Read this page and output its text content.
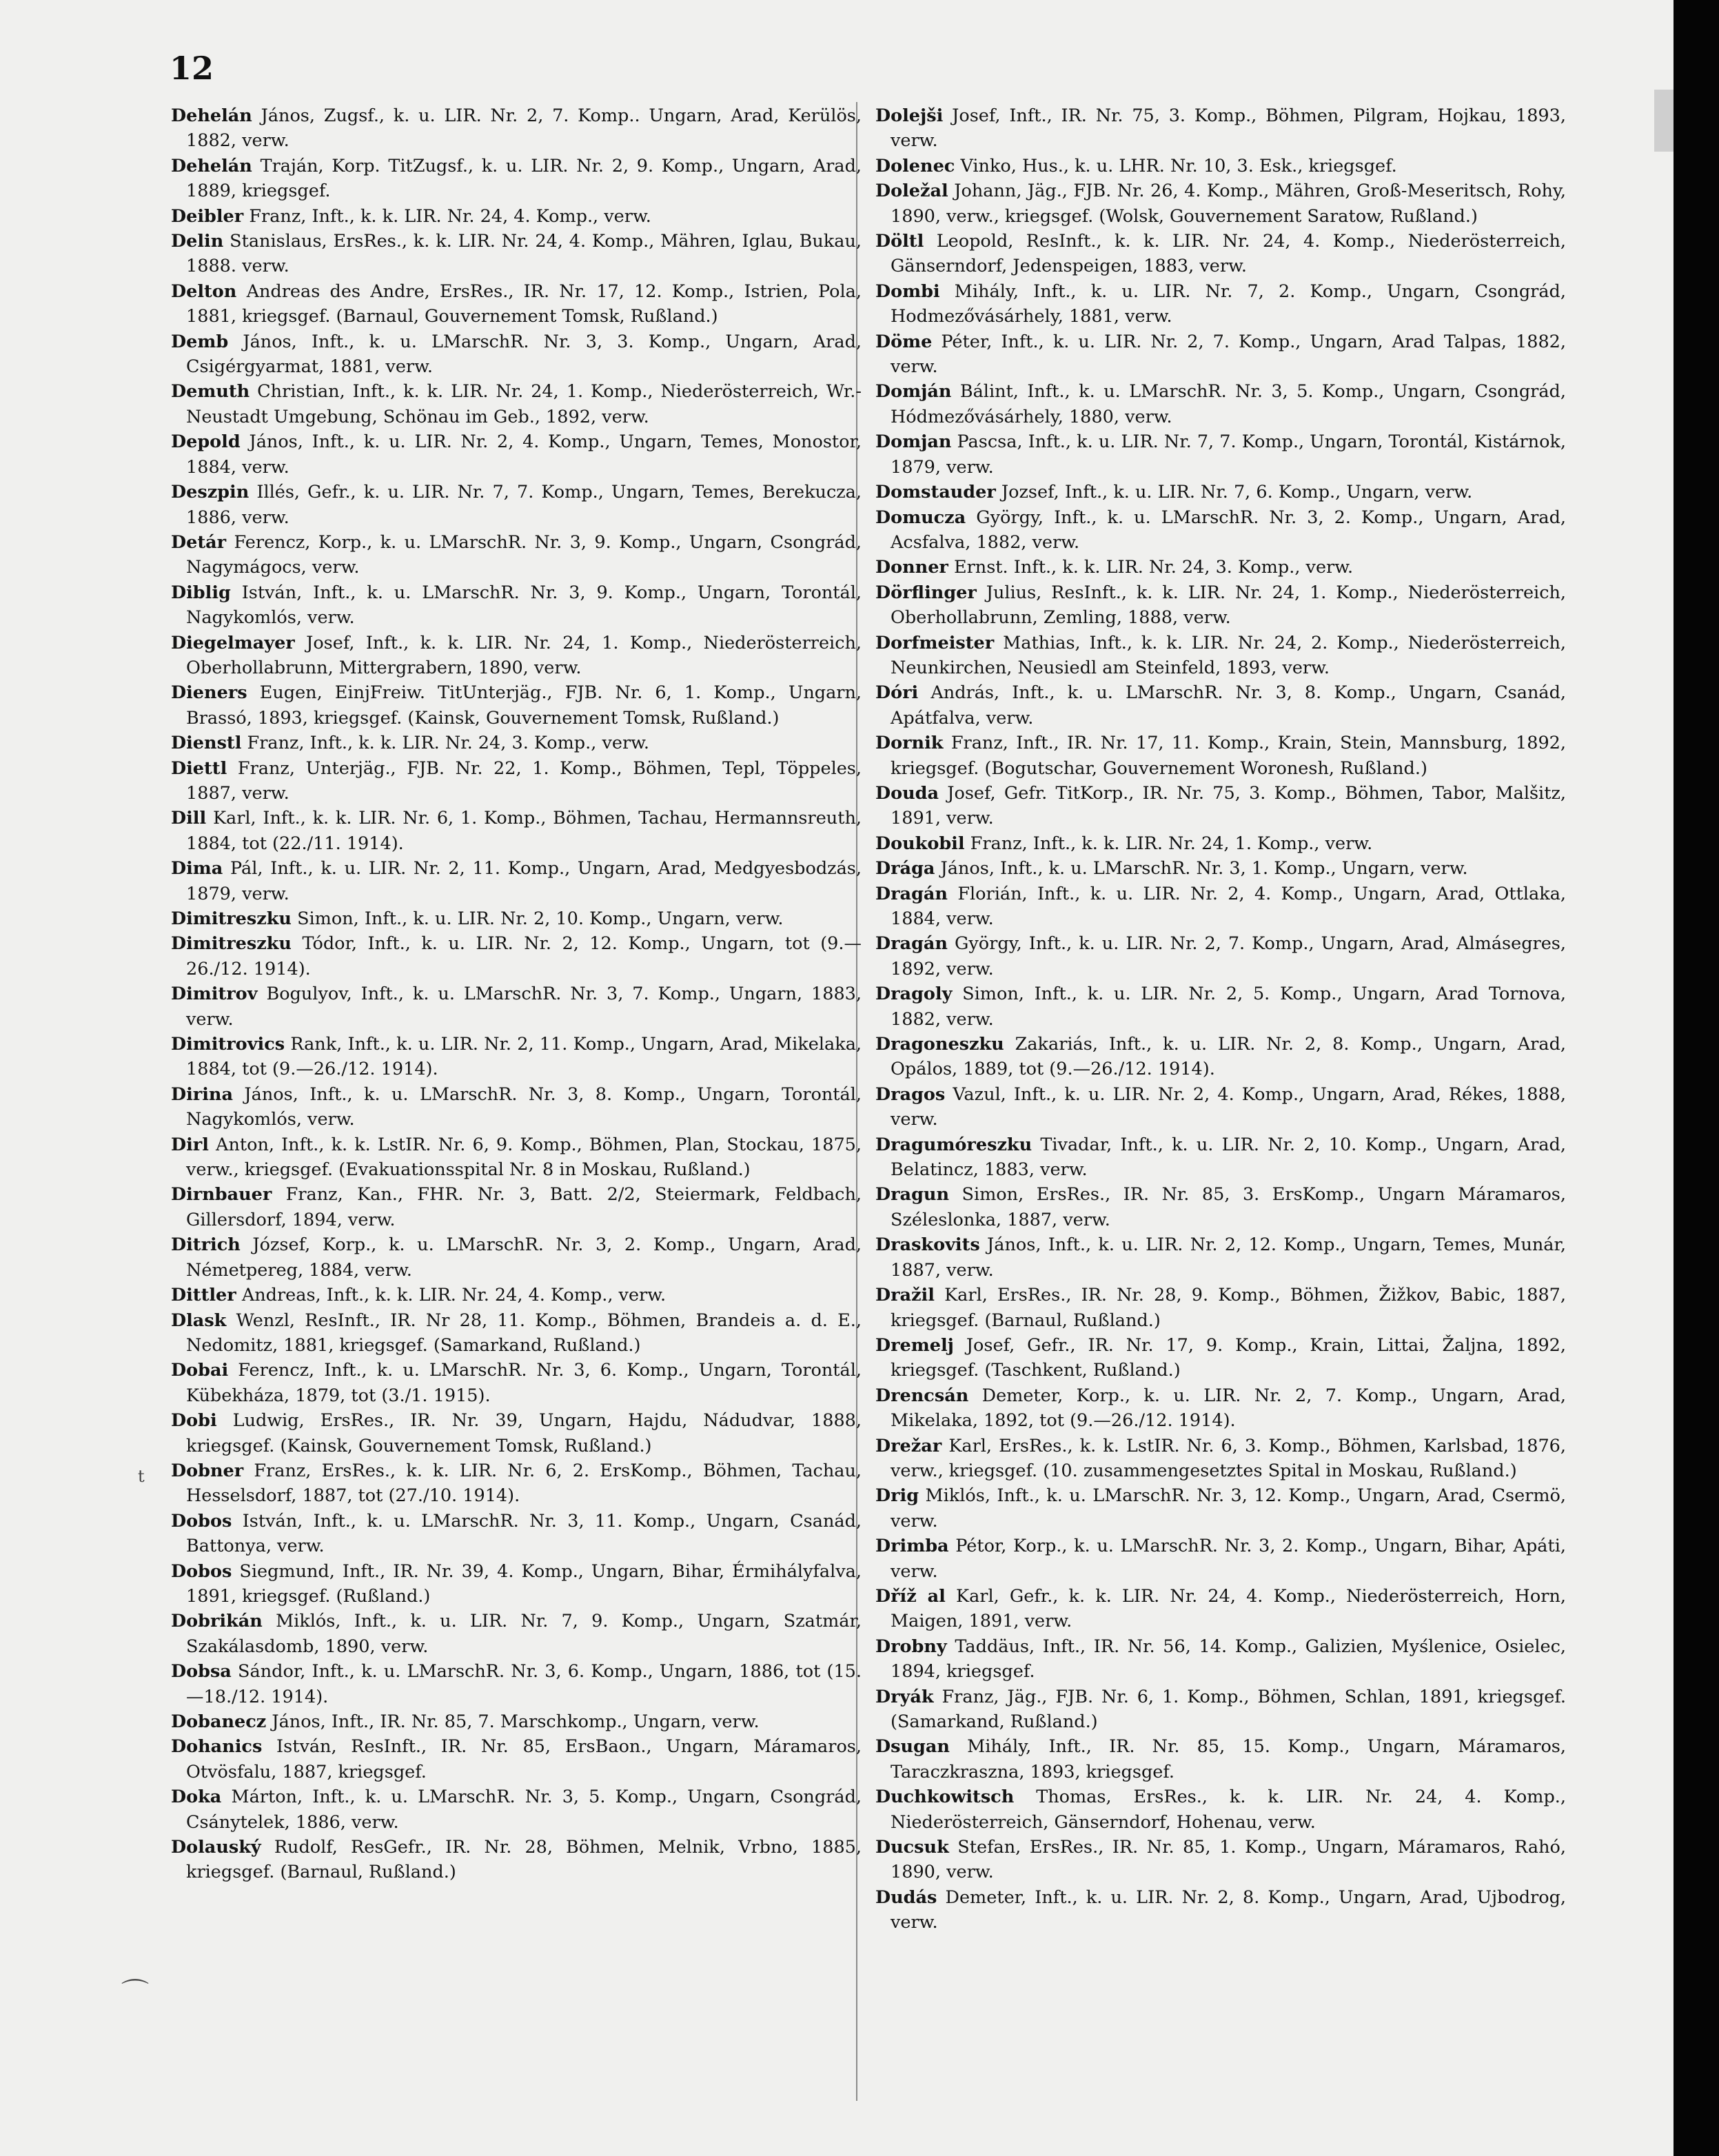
12

Dehelán János, Zugsf., k. u. LIR. Nr. 2, 7. Komp.. Ungarn, Arad, Kerülös, 1882, verw.

Dehelán Traján, Korp. TitZugsf., k. u. LIR. Nr. 2, 9. Komp., Ungarn, Arad, 1889, kriegsgef.

Deibler Franz, Inft., k. k. LIR. Nr. 24, 4. Komp., verw.

Delin Stanislaus, ErsRes., k. k. LIR. Nr. 24, 4. Komp., Mähren, Iglau, Bukau, 1888. verw.

Delton Andreas des Andre, ErsRes., IR. Nr. 17, 12. Komp., Istrien, Pola, 1881, kriegsgef. (Barnaul, Gouvernement Tomsk, Rußland.)

Demb János, Inft., k. u. LMarschR. Nr. 3, 3. Komp., Ungarn, Arad, Csigérgyarmat, 1881, verw.

Demuth Christian, Inft., k. k. LIR. Nr. 24, 1. Komp., Niederösterreich, Wr.-Neustadt Umgebung, Schönau im Geb., 1892, verw.

Depold János, Inft., k. u. LIR. Nr. 2, 4. Komp., Ungarn, Temes, Monostor, 1884, verw.

Deszpin Illés, Gefr., k. u. LIR. Nr. 7, 7. Komp., Ungarn, Temes, Berekucza, 1886, verw.

Detár Ferencz, Korp., k. u. LMarschR. Nr. 3, 9. Komp., Ungarn, Csongrád, Nagymágocs, verw.

Diblig István, Inft., k. u. LMarschR. Nr. 3, 9. Komp., Ungarn, Torontál, Nagykomlós, verw.

Diegelmayer Josef, Inft., k. k. LIR. Nr. 24, 1. Komp., Niederösterreich, Oberhollabrunn, Mittergrabern, 1890, verw.

Dieners Eugen, EinjFreiw. TitUnterjäg., FJB. Nr. 6, 1. Komp., Ungarn, Brassó, 1893, kriegsgef. (Kainsk, Gouvernement Tomsk, Rußland.)

Dienstl Franz, Inft., k. k. LIR. Nr. 24, 3. Komp., verw.

Diettl Franz, Unterjäg., FJB. Nr. 22, 1. Komp., Böhmen, Tepl, Töppeles, 1887, verw.

Dill Karl, Inft., k. k. LIR. Nr. 6, 1. Komp., Böhmen, Tachau, Hermannsreuth, 1884, tot (22./11. 1914).

Dima Pál, Inft., k. u. LIR. Nr. 2, 11. Komp., Ungarn, Arad, Medgyesbodzás, 1879, verw.

Dimitreszku Simon, Inft., k. u. LIR. Nr. 2, 10. Komp., Ungarn, verw.

Dimitreszku Tódor, Inft., k. u. LIR. Nr. 2, 12. Komp., Ungarn, tot (9.—26./12. 1914).

Dimitrov Bogulyov, Inft., k. u. LMarschR. Nr. 3, 7. Komp., Ungarn, 1883, verw.

Dimitrovics Rank, Inft., k. u. LIR. Nr. 2, 11. Komp., Ungarn, Arad, Mikelaka, 1884, tot (9.—26./12. 1914).

Dirina János, Inft., k. u. LMarschR. Nr. 3, 8. Komp., Ungarn, Torontál, Nagykomlós, verw.

Dirl Anton, Inft., k. k. LstIR. Nr. 6, 9. Komp., Böhmen, Plan, Stockau, 1875, verw., kriegsgef. (Evakuationsspital Nr. 8 in Moskau, Rußland.)

Dirnbauer Franz, Kan., FHR. Nr. 3, Batt. 2/2, Steiermark, Feldbach, Gillersdorf, 1894, verw.

Ditrich József, Korp., k. u. LMarschR. Nr. 3, 2. Komp., Ungarn, Arad, Németpereg, 1884, verw.

Dittler Andreas, Inft., k. k. LIR. Nr. 24, 4. Komp., verw.

Dlask Wenzl, ResInft., IR. Nr 28, 11. Komp., Böhmen, Brandeis a. d. E., Nedomitz, 1881, kriegsgef. (Samarkand, Rußland.)

Dobai Ferencz, Inft., k. u. LMarschR. Nr. 3, 6. Komp., Ungarn, Torontál, Kübekháza, 1879, tot (3./1. 1915).

Dobi Ludwig, ErsRes., IR. Nr. 39, Ungarn, Hajdu, Nádudvar, 1888, kriegsgef. (Kainsk, Gouvernement Tomsk, Rußland.)

Dobner Franz, ErsRes., k. k. LIR. Nr. 6, 2. ErsKomp., Böhmen, Tachau, Hesselsdorf, 1887, tot (27./10. 1914).

Dobos István, Inft., k. u. LMarschR. Nr. 3, 11. Komp., Ungarn, Csanád, Battonya, verw.

Dobos Siegmund, Inft., IR. Nr. 39, 4. Komp., Ungarn, Bihar, Érmihályfalva, 1891, kriegsgef. (Rußland.)

Dobrikán Miklós, Inft., k. u. LIR. Nr. 7, 9. Komp., Ungarn, Szatmár, Szakálasdomb, 1890, verw.

Dobsa Sándor, Inft., k. u. LMarschR. Nr. 3, 6. Komp., Ungarn, 1886, tot (15.—18./12. 1914).

Dobanecz János, Inft., IR. Nr. 85, 7. Marschkomp., Ungarn, verw.

Dohanics István, ResInft., IR. Nr. 85, ErsBaon., Ungarn, Máramaros, Otvösfalu, 1887, kriegsgef.

Doka Márton, Inft., k. u. LMarschR. Nr. 3, 5. Komp., Ungarn, Csongrád, Csánytelek, 1886, verw.

Dolauský Rudolf, ResGefr., IR. Nr. 28, Böhmen, Melnik, Vrbno, 1885, kriegsgef. (Barnaul, Rußland.)

Dolejši Josef, Inft., IR. Nr. 75, 3. Komp., Böhmen, Pilgram, Hojkau, 1893, verw.

Dolenec Vinko, Hus., k. u. LHR. Nr. 10, 3. Esk., kriegsgef.

Doležal Johann, Jäg., FJB. Nr. 26, 4. Komp., Mähren, Groß-Meseritsch, Rohy, 1890, verw., kriegsgef. (Wolsk, Gouvernement Saratow, Rußland.)

Döltl Leopold, ResInft., k. k. LIR. Nr. 24, 4. Komp., Niederösterreich, Gänserndorf, Jedenspeigen, 1883, verw.

Dombi Mihály, Inft., k. u. LIR. Nr. 7, 2. Komp., Ungarn, Csongrád, Hodmezővásárhely, 1881, verw.

Döme Péter, Inft., k. u. LIR. Nr. 2, 7. Komp., Ungarn, Arad Talpas, 1882, verw.

Domján Bálint, Inft., k. u. LMarschR. Nr. 3, 5. Komp., Ungarn, Csongrád, Hódmezővásárhely, 1880, verw.

Domjan Pascsa, Inft., k. u. LIR. Nr. 7, 7. Komp., Ungarn, Torontál, Kistárnok, 1879, verw.

Domstauder Jozsef, Inft., k. u. LIR. Nr. 7, 6. Komp., Ungarn, verw.

Domucza György, Inft., k. u. LMarschR. Nr. 3, 2. Komp., Ungarn, Arad, Acsfalva, 1882, verw.

Donner Ernst. Inft., k. k. LIR. Nr. 24, 3. Komp., verw.

Dörflinger Julius, ResInft., k. k. LIR. Nr. 24, 1. Komp., Niederösterreich, Oberhollabrunn, Zemling, 1888, verw.

Dorfmeister Mathias, Inft., k. k. LIR. Nr. 24, 2. Komp., Niederösterreich, Neunkirchen, Neusiedl am Steinfeld, 1893, verw.

Dóri András, Inft., k. u. LMarschR. Nr. 3, 8. Komp., Ungarn, Csanád, Apátfalva, verw.

Dornik Franz, Inft., IR. Nr. 17, 11. Komp., Krain, Stein, Mannsburg, 1892, kriegsgef. (Bogutschar, Gouvernement Woronesh, Rußland.)

Douda Josef, Gefr. TitKorp., IR. Nr. 75, 3. Komp., Böhmen, Tabor, Malšitz, 1891, verw.

Doukobil Franz, Inft., k. k. LIR. Nr. 24, 1. Komp., verw.

Drága János, Inft., k. u. LMarschR. Nr. 3, 1. Komp., Ungarn, verw.

Dragán Florián, Inft., k. u. LIR. Nr. 2, 4. Komp., Ungarn, Arad, Ottlaka, 1884, verw.

Dragán György, Inft., k. u. LIR. Nr. 2, 7. Komp., Ungarn, Arad, Almásegres, 1892, verw.

Dragoly Simon, Inft., k. u. LIR. Nr. 2, 5. Komp., Ungarn, Arad Tornova, 1882, verw.

Dragoneszku Zakariás, Inft., k. u. LIR. Nr. 2, 8. Komp., Ungarn, Arad, Opálos, 1889, tot (9.—26./12. 1914).

Dragos Vazul, Inft., k. u. LIR. Nr. 2, 4. Komp., Ungarn, Arad, Rékes, 1888, verw.

Dragumóreszku Tivadar, Inft., k. u. LIR. Nr. 2, 10. Komp., Ungarn, Arad, Belatincz, 1883, verw.

Dragun Simon, ErsRes., IR. Nr. 85, 3. ErsKomp., Ungarn Máramaros, Széleslonka, 1887, verw.

Draskovits János, Inft., k. u. LIR. Nr. 2, 12. Komp., Ungarn, Temes, Munár, 1887, verw.

Dražil Karl, ErsRes., IR. Nr. 28, 9. Komp., Böhmen, Žižkov, Babic, 1887, kriegsgef. (Barnaul, Rußland.)

Dremelj Josef, Gefr., IR. Nr. 17, 9. Komp., Krain, Littai, Žaljna, 1892, kriegsgef. (Taschkent, Rußland.)

Drencsán Demeter, Korp., k. u. LIR. Nr. 2, 7. Komp., Ungarn, Arad, Mikelaka, 1892, tot (9.—26./12. 1914).

Drežar Karl, ErsRes., k. k. LstIR. Nr. 6, 3. Komp., Böhmen, Karlsbad, 1876, verw., kriegsgef. (10. zusammengesetztes Spital in Moskau, Rußland.)

Drig Miklós, Inft., k. u. LMarschR. Nr. 3, 12. Komp., Ungarn, Arad, Csermö, verw.

Drimba Pétor, Korp., k. u. LMarschR. Nr. 3, 2. Komp., Ungarn, Bihar, Apáti, verw.

Dříž al Karl, Gefr., k. k. LIR. Nr. 24, 4. Komp., Niederösterreich, Horn, Maigen, 1891, verw.

Drobny Taddäus, Inft., IR. Nr. 56, 14. Komp., Galizien, Myślenice, Osielec, 1894, kriegsgef.

Dryák Franz, Jäg., FJB. Nr. 6, 1. Komp., Böhmen, Schlan, 1891, kriegsgef. (Samarkand, Rußland.)

Dsugan Mihály, Inft., IR. Nr. 85, 15. Komp., Ungarn, Máramaros, Taraczkraszna, 1893, kriegsgef.

Duchkowitsch Thomas, ErsRes., k. k. LIR. Nr. 24, 4. Komp., Niederösterreich, Gänserndorf, Hohenau, verw.

Ducsuk Stefan, ErsRes., IR. Nr. 85, 1. Komp., Ungarn, Máramaros, Rahó, 1890, verw.

Dudás Demeter, Inft., k. u. LIR. Nr. 2, 8. Komp., Ungarn, Arad, Ujbodrog, verw.

⌒
t
